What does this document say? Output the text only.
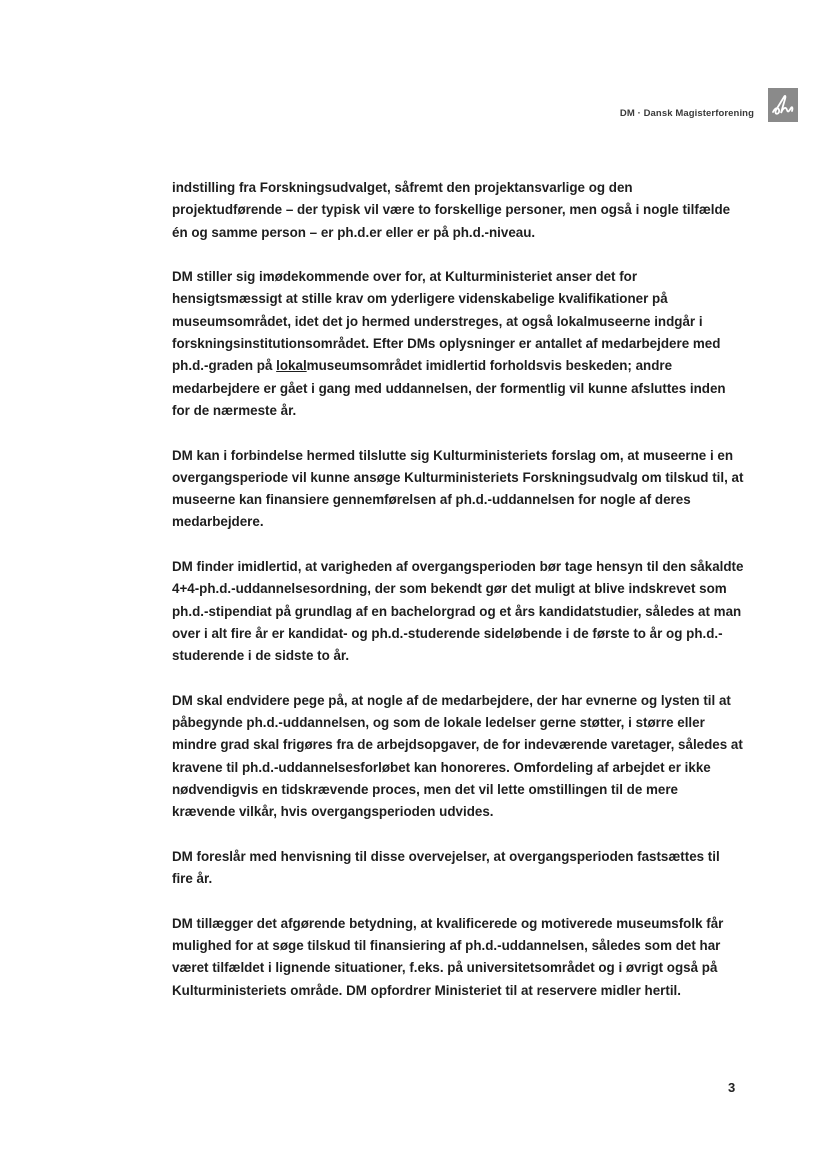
DM · Dansk Magisterforening

indstilling fra Forskningsudvalget, såfremt den projektansvarlige og den projektudførende – der typisk vil være to forskellige personer, men også i nogle tilfælde én og samme person – er ph.d.er eller er på ph.d.-niveau.

DM stiller sig imødekommende over for, at Kulturministeriet anser det for hensigtsmæssigt at stille krav om yderligere videnskabelige kvalifikationer på museumsområdet, idet det jo hermed understreges, at også lokalmuseerne indgår i forskningsinstitutionsområdet. Efter DMs oplysninger er antallet af medarbejdere med ph.d.-graden på lokalmuseumsområdet imidlertid forholdsvis beskeden; andre medarbejdere er gået i gang med uddannelsen, der formentlig vil kunne afsluttes inden for de nærmeste år.

DM kan i forbindelse hermed tilslutte sig Kulturministeriets forslag om, at museerne i en overgangsperiode vil kunne ansøge Kulturministeriets Forskningsudvalg om tilskud til, at museerne kan finansiere gennemførelsen af ph.d.-uddannelsen for nogle af deres medarbejdere.

DM finder imidlertid, at varigheden af overgangsperioden bør tage hensyn til den såkaldte 4+4-ph.d.-uddannelsesordning, der som bekendt gør det muligt at blive indskrevet som ph.d.-stipendiat på grundlag af en bachelorgrad og et års kandidatstudier, således at man over i alt fire år er kandidat- og ph.d.-studerende sideløbende i de første to år og ph.d.-studerende i de sidste to år.

DM skal endvidere pege på, at nogle af de medarbejdere, der har evnerne og lysten til at påbegynde ph.d.-uddannelsen, og som de lokale ledelser gerne støtter, i større eller mindre grad skal frigøres fra de arbejdsopgaver, de for indeværende varetager, således at kravene til ph.d.-uddannelsesforløbet kan honoreres. Omfordeling af arbejdet er ikke nødvendigvis en tidskrævende proces, men det vil lette omstillingen til de mere krævende vilkår, hvis overgangsperioden udvides.

DM foreslår med henvisning til disse overvejelser, at overgangsperioden fastsættes til fire år.

DM tillægger det afgørende betydning, at kvalificerede og motiverede museumsfolk får mulighed for at søge tilskud til finansiering af ph.d.-uddannelsen, således som det har været tilfældet i lignende situationer, f.eks. på universitetsområdet og i øvrigt også på Kulturministeriets område. DM opfordrer Ministeriet til at reservere midler hertil.

3
